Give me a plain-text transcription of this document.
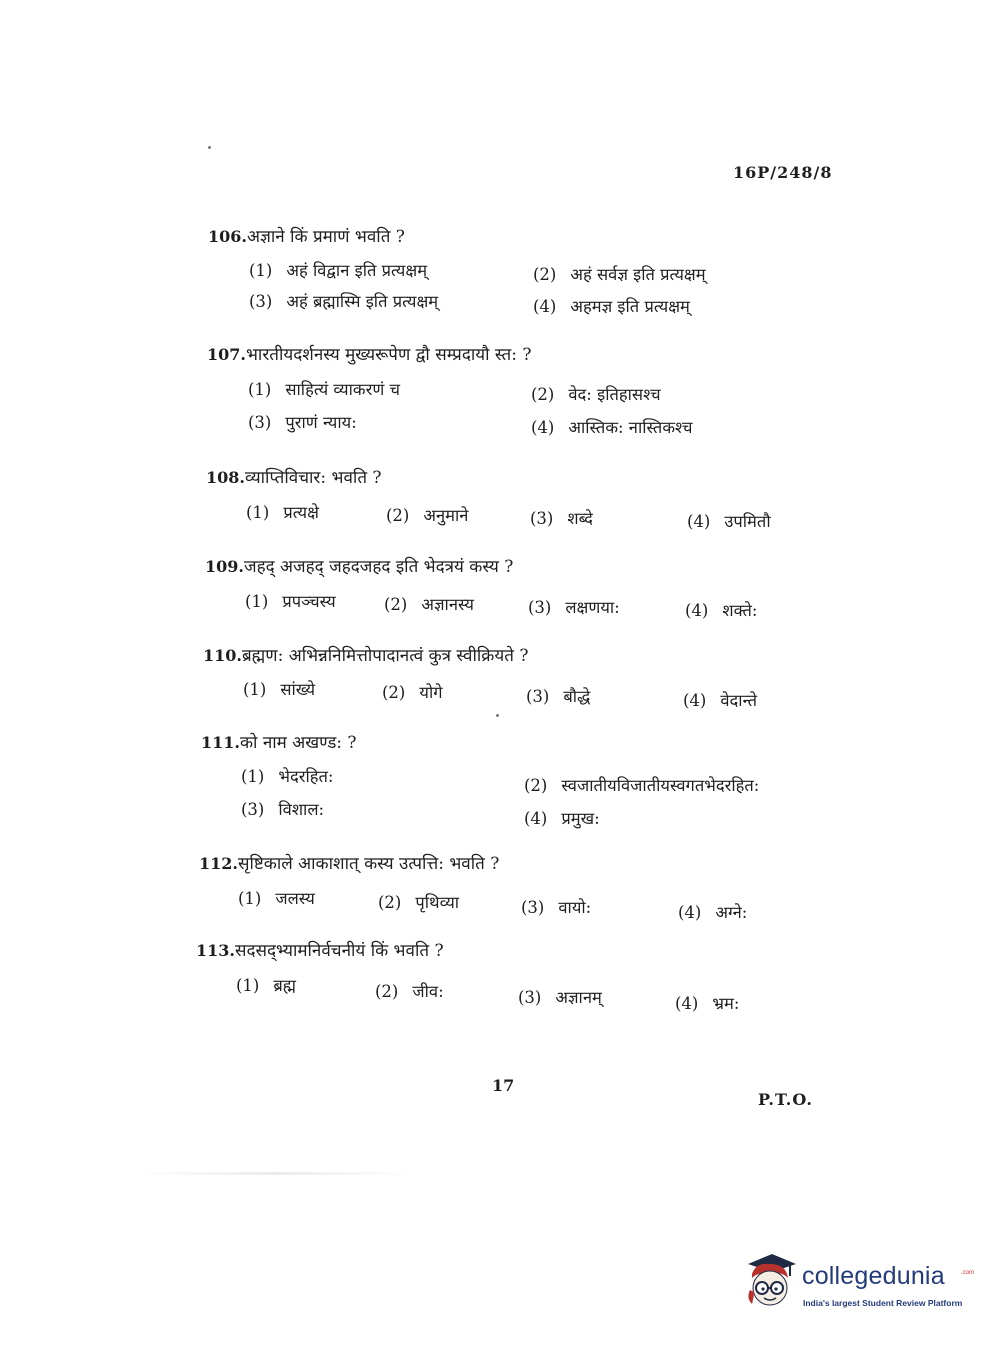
16P/248/8
106.अज्ञाने किं प्रमाणं भवति ?
(1) अहं विद्वान इति प्रत्यक्षम्	(2) अहं सर्वज्ञ इति प्रत्यक्षम्
(3) अहं ब्रह्मास्मि इति प्रत्यक्षम्	(4) अहमज्ञ इति प्रत्यक्षम्
107.भारतीयदर्शनस्य मुख्यरूपेण द्वौ सम्प्रदायौ स्त: ?
(1) साहित्यं व्याकरणं च	(2) वेद: इतिहासश्च
(3) पुराणं न्याय:	(4) आस्तिक: नास्तिकश्च
108.व्याप्तिविचार: भवति ?
(1) प्रत्यक्षे	(2) अनुमाने	(3) शब्दे	(4) उपमितौ
109.जहद् अजहद् जहदजहद इति भेदत्रयं कस्य ?
(1) प्रपञ्चस्य	(2) अज्ञानस्य	(3) लक्षणया:	(4) शक्ते:
110.ब्रह्मण: अभिन्ननिमित्तोपादानत्वं कुत्र स्वीक्रियते ?
(1) सांख्ये	(2) योगे	(3) बौद्धे	(4) वेदान्ते
111.को नाम अखण्ड: ?
(1) भेदरहित:	(2) स्वजातीयविजातीयस्वगतभेदरहित:
(3) विशाल:	(4) प्रमुख:
112.सृष्टिकाले आकाशात् कस्य उत्पत्ति: भवति ?
(1) जलस्य	(2) पृथिव्या	(3) वायो:	(4) अग्ने:
113.सदसद्भ्यामनिर्वचनीयं किं भवति ?
(1) ब्रह्म	(2) जीव:	(3) अज्ञानम्	(4) भ्रम:
17
P.T.O.
collegedunia	.com
India's largest Student Review Platform
